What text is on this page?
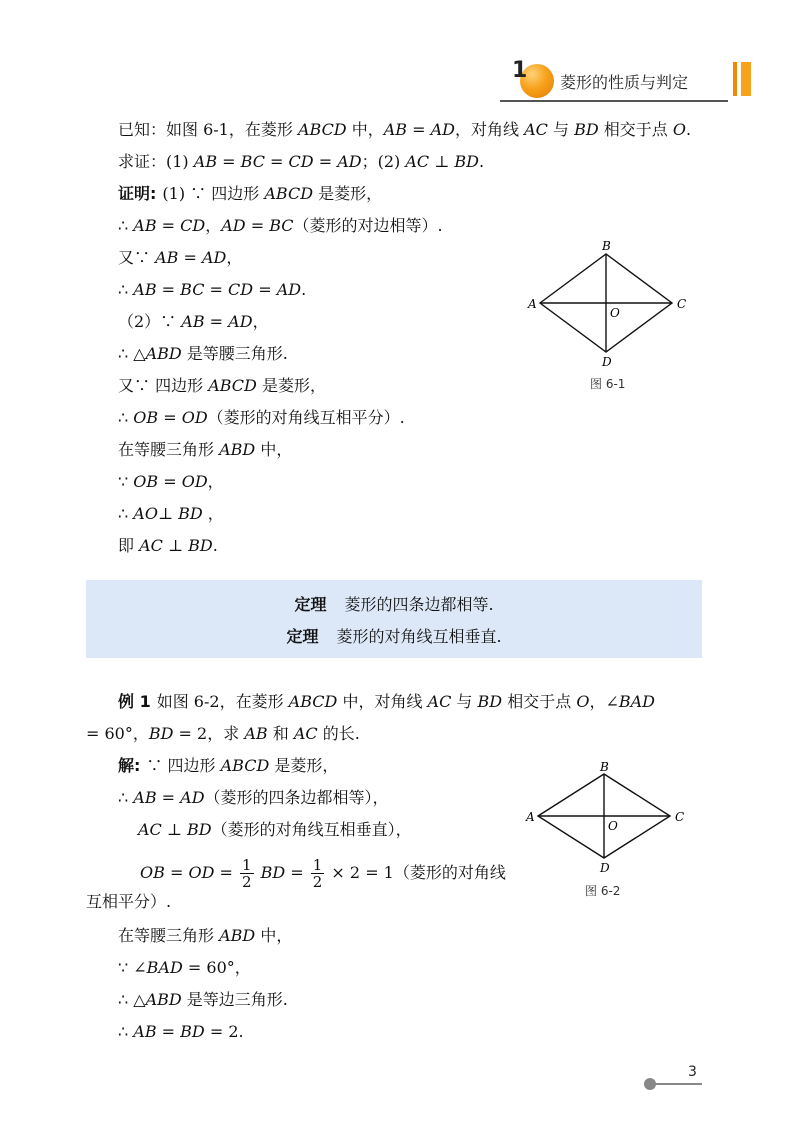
1 菱形的性质与判定
已知：如图 6-1，在菱形 ABCD 中，AB = AD，对角线 AC 与 BD 相交于点 O.
求证：(1) AB = BC = CD = AD；(2) AC ⊥ BD.
证明: (1) ∵ 四边形 ABCD 是菱形，
∴ AB = CD，AD = BC（菱形的对边相等）.
又∵ AB = AD，
∴ AB = BC = CD = AD.
（2）∵ AB = AD，
∴ △ABD 是等腰三角形.
又∵ 四边形 ABCD 是菱形，
∴ OB = OD（菱形的对角线互相平分）.
在等腰三角形 ABD 中，
∵ OB = OD，
∴ AO⊥ BD ，
即 AC ⊥ BD.
A
B
C
D
O
图 6-1
定理 菱形的四条边都相等.
定理 菱形的对角线互相垂直.
例 1 如图 6-2，在菱形 ABCD 中，对角线 AC 与 BD 相交于点 O，∠BAD
= 60°，BD = 2，求 AB 和 AC 的长.
解: ∵ 四边形 ABCD 是菱形，
∴ AB = AD（菱形的四条边都相等），
AC ⊥ BD（菱形的对角线互相垂直），
在等腰三角形 ABD 中，
∵ ∠BAD = 60°，
∴ △ABD 是等边三角形.
∴ AB = BD = 2.
OB = OD = $\frac{1}{2}$ BD = $\frac{1}{2} \times 2 = 1$（菱形的对角线
互相平分）.
A
B
C
D
O
图 6-2
3
